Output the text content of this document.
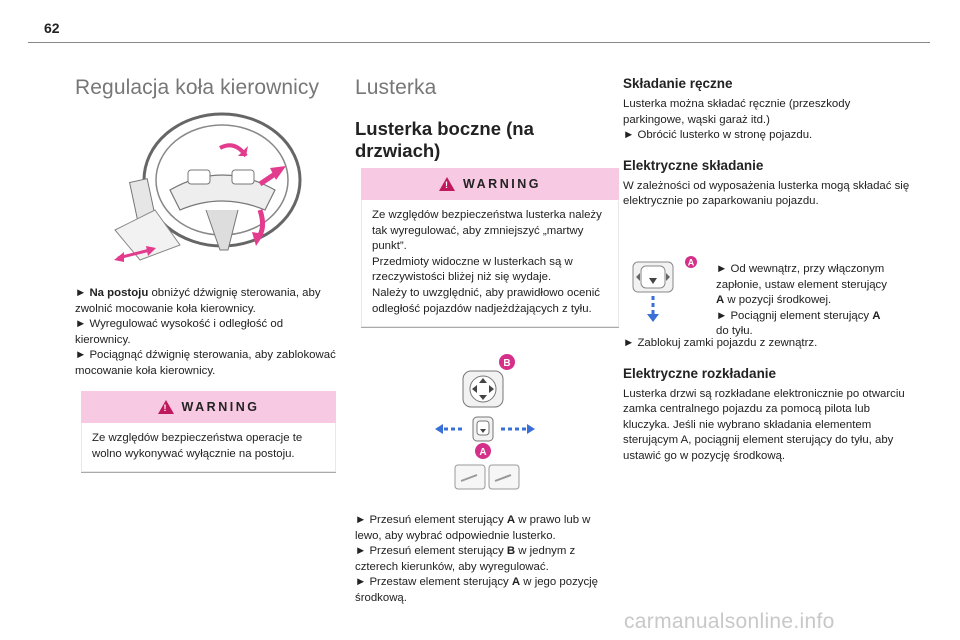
62
Regulacja koła kierownicy

► Na postoju obniżyć dźwignię sterowania, aby zwolnić mocowanie koła kierownicy.

► Wyregulować wysokość i odległość od kierownicy.

► Pociągnąć dźwignię sterowania, aby zablokować mocowanie koła kierownicy.

! WARNING
Ze względów bezpieczeństwa operacje te wolno wykonywać wyłącznie na postoju.
Lusterka
Lusterka boczne (na drzwiach)
! WARNING
Ze względów bezpieczeństwa lusterka należy tak wyregulować, aby zmniejszyć „martwy punkt”.
Przedmioty widoczne w lusterkach są w rzeczywistości bliżej niż się wydaje.
Należy to uwzględnić, aby prawidłowo ocenić odległość pojazdów nadjeżdżających z tyłu.
B
A

► Przesuń element sterujący A w prawo lub w lewo, aby wybrać odpowiednie lusterko.

► Przesuń element sterujący B w jednym z czterech kierunków, aby wyregulować.

► Przestaw element sterujący A w jego pozycję środkową.

Składanie ręczne

Lusterka można składać ręcznie (przeszkody parkingowe, wąski garaż itd.)

► Obrócić lusterko w stronę pojazdu.

Elektryczne składanie

W zależności od wyposażenia lusterka mogą składać się elektrycznie po zaparkowaniu pojazdu.

A

► Od wewnątrz, przy włączonym zapłonie, ustaw element sterujący A w pozycji środkowej.

► Pociągnij element sterujący A do tyłu.

► Zablokuj zamki pojazdu z zewnątrz.

Elektryczne rozkładanie

Lusterka drzwi są rozkładane elektronicznie po otwarciu zamka centralnego pojazdu za pomocą pilota lub kluczyka. Jeśli nie wybrano składania elementem sterującym A, pociągnij element sterujący do tyłu, aby ustawić go w pozycję środkową.

carmanualsonline.info
